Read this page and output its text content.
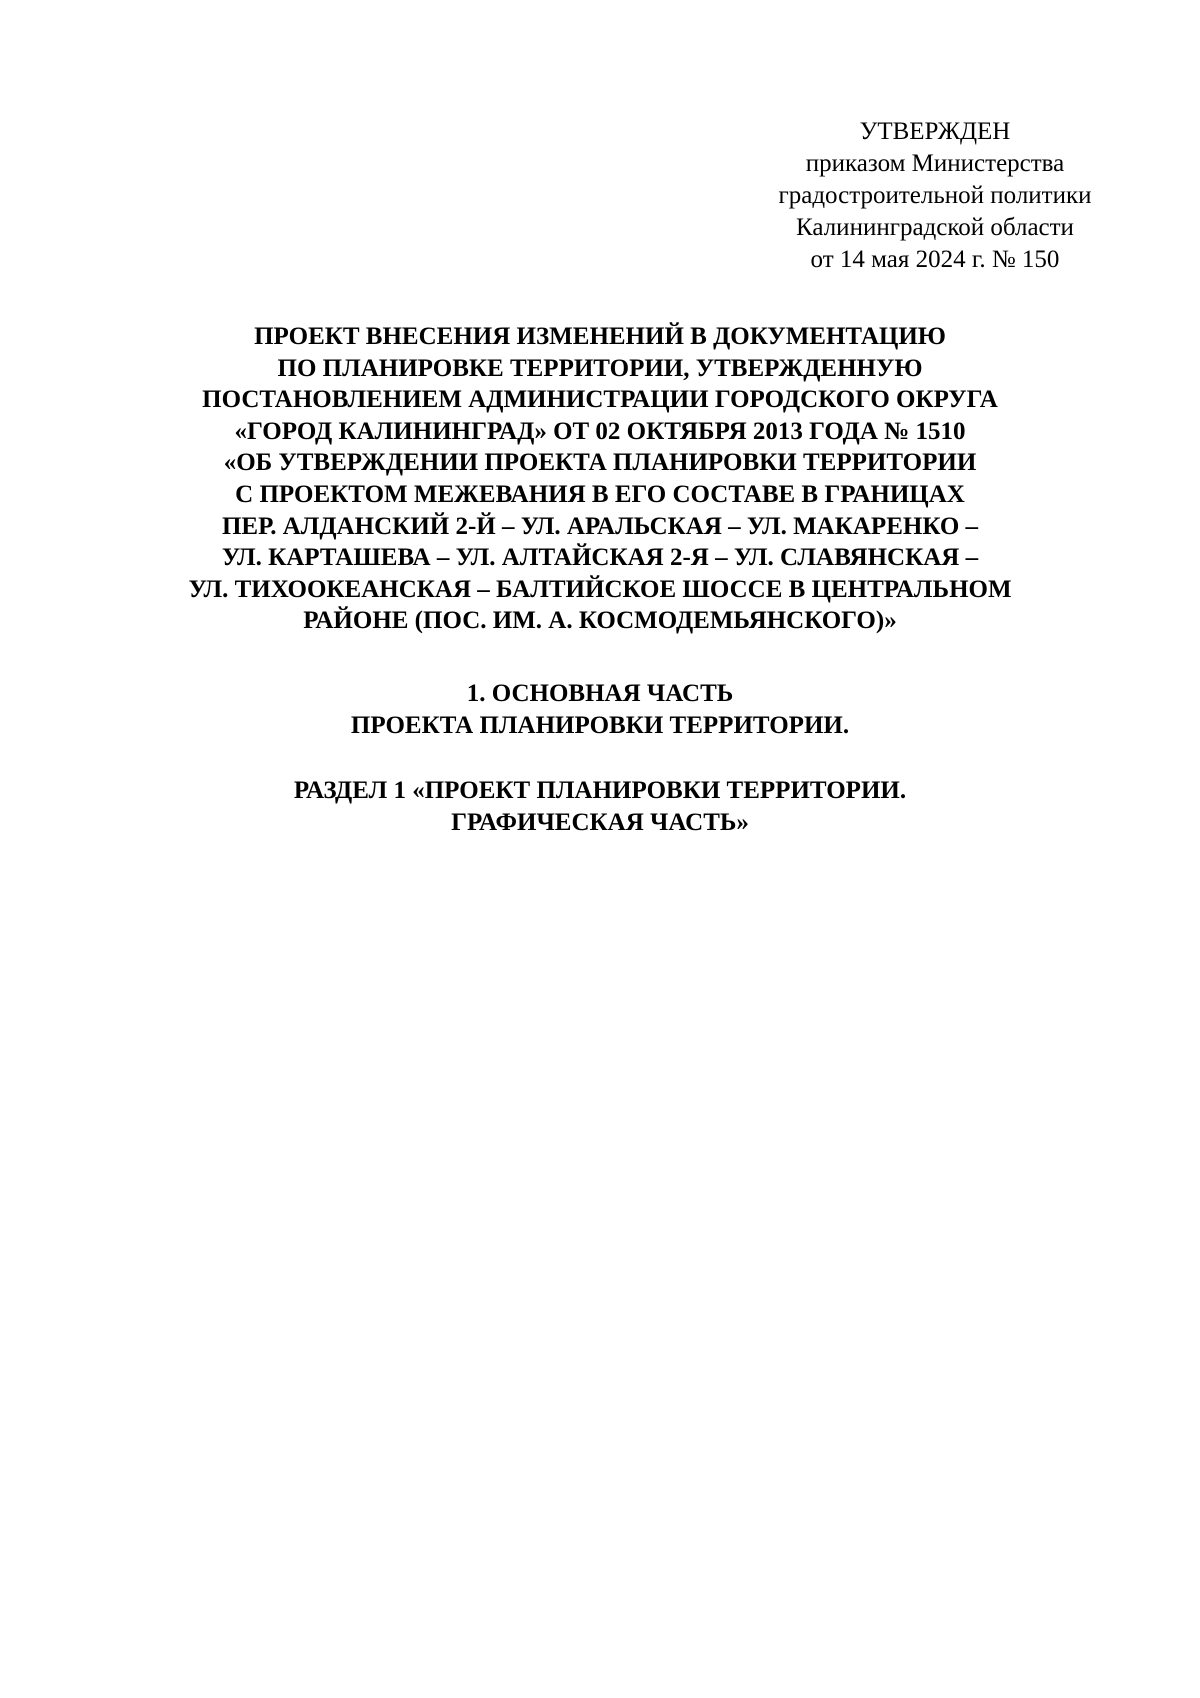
УТВЕРЖДЕН
приказом Министерства
градостроительной политики
Калининградской области
от 14 мая 2024 г. № 150
ПРОЕКТ ВНЕСЕНИЯ ИЗМЕНЕНИЙ В ДОКУМЕНТАЦИЮ
ПО ПЛАНИРОВКЕ ТЕРРИТОРИИ, УТВЕРЖДЕННУЮ
ПОСТАНОВЛЕНИЕМ АДМИНИСТРАЦИИ ГОРОДСКОГО ОКРУГА
«ГОРОД КАЛИНИНГРАД» ОТ 02 ОКТЯБРЯ 2013 ГОДА № 1510
«ОБ УТВЕРЖДЕНИИ ПРОЕКТА ПЛАНИРОВКИ ТЕРРИТОРИИ
С ПРОЕКТОМ МЕЖЕВАНИЯ В ЕГО СОСТАВЕ В ГРАНИЦАХ
ПЕР. АЛДАНСКИЙ 2-Й – УЛ. АРАЛЬСКАЯ – УЛ. МАКАРЕНКО –
УЛ. КАРТАШЕВА – УЛ. АЛТАЙСКАЯ 2-Я – УЛ. СЛАВЯНСКАЯ –
УЛ. ТИХООКЕАНСКАЯ – БАЛТИЙСКОЕ ШОССЕ В ЦЕНТРАЛЬНОМ
РАЙОНЕ (ПОС. ИМ. А. КОСМОДЕМЬЯНСКОГО)»
1. ОСНОВНАЯ ЧАСТЬ
ПРОЕКТА ПЛАНИРОВКИ ТЕРРИТОРИИ.
РАЗДЕЛ 1 «ПРОЕКТ ПЛАНИРОВКИ ТЕРРИТОРИИ.
ГРАФИЧЕСКАЯ ЧАСТЬ»
